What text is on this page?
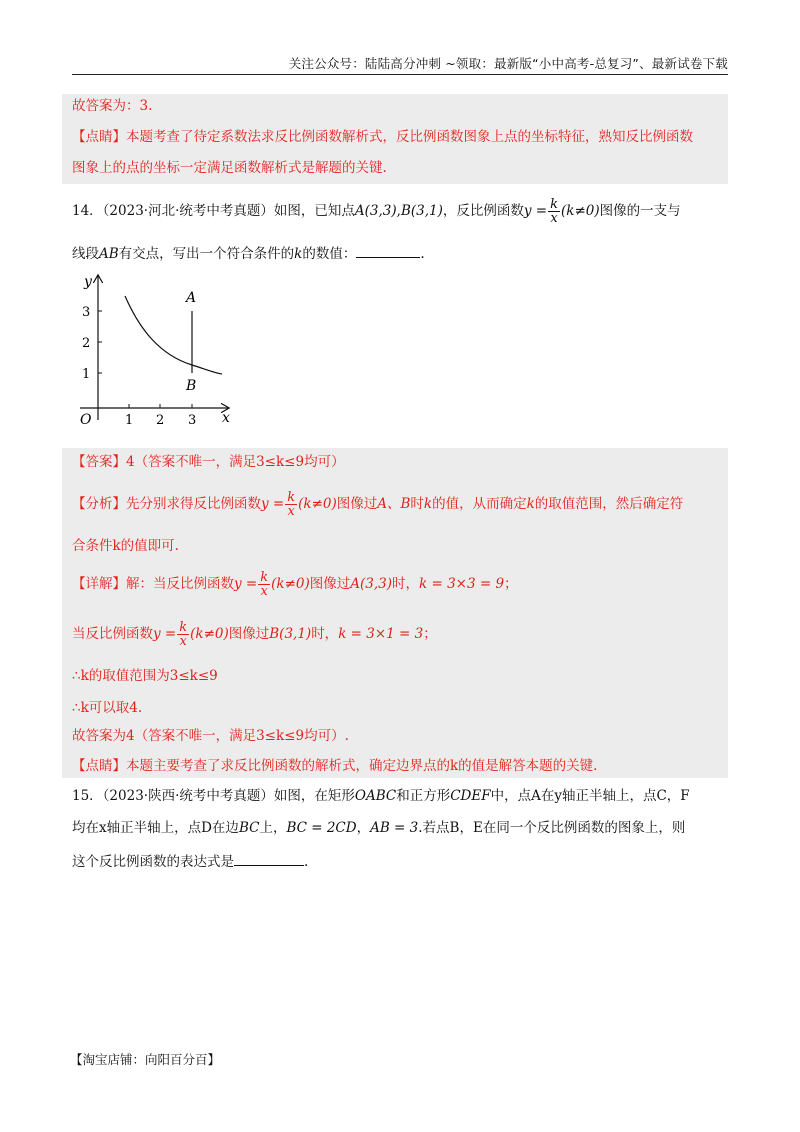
关注公众号：陆陆高分冲刺 ~领取：最新版“小中高考-总复习”、最新试卷下载
故答案为：3.
【点睛】本题考查了待定系数法求反比例函数解析式，反比例函数图象上点的坐标特征，熟知反比例函数
图象上的点的坐标一定满足函数解析式是解题的关键.
14．（2023·河北·统考中考真题）如图，已知点A(3,3),B(3,1)，反比例函数$y = \frac{k}{x} (k\ne 0)$图像的一支与
线段AB有交点，写出一个符合条件的k的数值：	.
y
x
O	1 2 3
1
2
3
A
B
【答案】4（答案不唯一，满足3≤k≤9均可）
【分析】先分别求得反比例函数$y = \frac{k}{x} (k\ne 0)$图像过A、B时k的值，从而确定k的取值范围，然后确定符
合条件k的值即可.
【详解】解：当反比例函数$y = \frac{k}{x} (k\ne 0)$图像过A(3,3)时，k = 3×3 = 9；
当反比例函数$y = \frac{k}{x} (k\ne 0)$图像过B(3,1)时，k = 3×1 = 3；
∴k的取值范围为3≤k≤9
∴k可以取4.
故答案为4（答案不唯一，满足3≤k≤9均可）.
【点睛】本题主要考查了求反比例函数的解析式，确定边界点的k的值是解答本题的关键.
15．（2023·陕西·统考中考真题）如图，在矩形OABC和正方形CDEF中，点A在y轴正半轴上，点C，F
均在x轴正半轴上，点D在边BC上，BC = 2CD，AB = 3.若点B，E在同一个反比例函数的图象上，则
这个反比例函数的表达式是	.
【淘宝店铺：向阳百分百】
